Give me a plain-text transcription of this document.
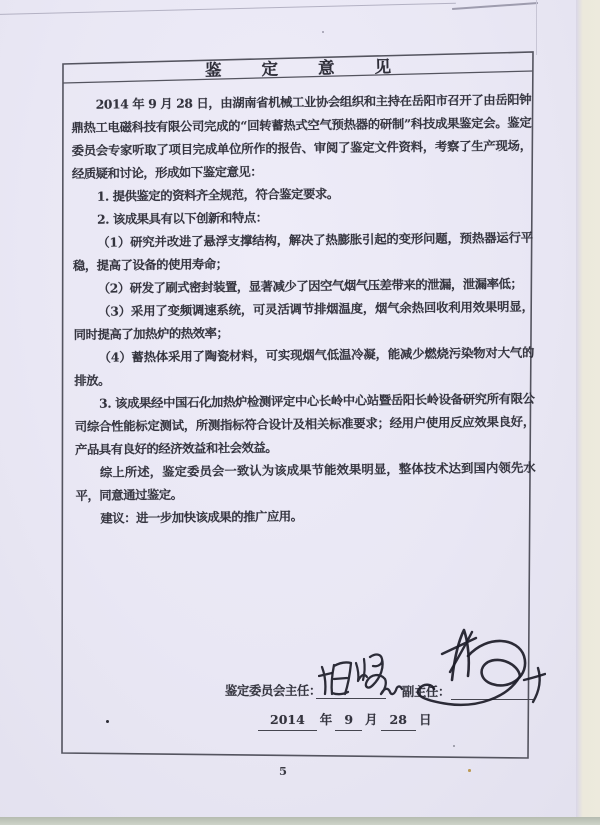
鉴定意见

2014 年 9 月 28 日，由湖南省机械工业协会组织和主持在岳阳市召开了由岳阳钟鼎热工电磁科技有限公司完成的“回转蓄热式空气预热器的研制”科技成果鉴定会。鉴定委员会专家听取了项目完成单位所作的报告、审阅了鉴定文件资料，考察了生产现场，经质疑和讨论，形成如下鉴定意见：

1. 提供鉴定的资料齐全规范，符合鉴定要求。

2. 该成果具有以下创新和特点：

（1）研究并改进了悬浮支撑结构，解决了热膨胀引起的变形问题，预热器运行平稳，提高了设备的使用寿命；

（2）研发了刷式密封装置，显著减少了因空气烟气压差带来的泄漏，泄漏率低；

（3）采用了变频调速系统，可灵活调节排烟温度，烟气余热回收利用效果明显，同时提高了加热炉的热效率；

（4）蓄热体采用了陶瓷材料，可实现烟气低温冷凝，能减少燃烧污染物对大气的排放。

3. 该成果经中国石化加热炉检测评定中心长岭中心站暨岳阳长岭设备研究所有限公司综合性能标定测试，所测指标符合设计及相关标准要求；经用户使用反应效果良好，产品具有良好的经济效益和社会效益。

综上所述，鉴定委员会一致认为该成果节能效果明显，整体技术达到国内领先水平，同意通过鉴定。

建议：进一步加快该成果的推广应用。

鉴定委员会主任：	副主任：
2014 年 9 月 28 日
5
